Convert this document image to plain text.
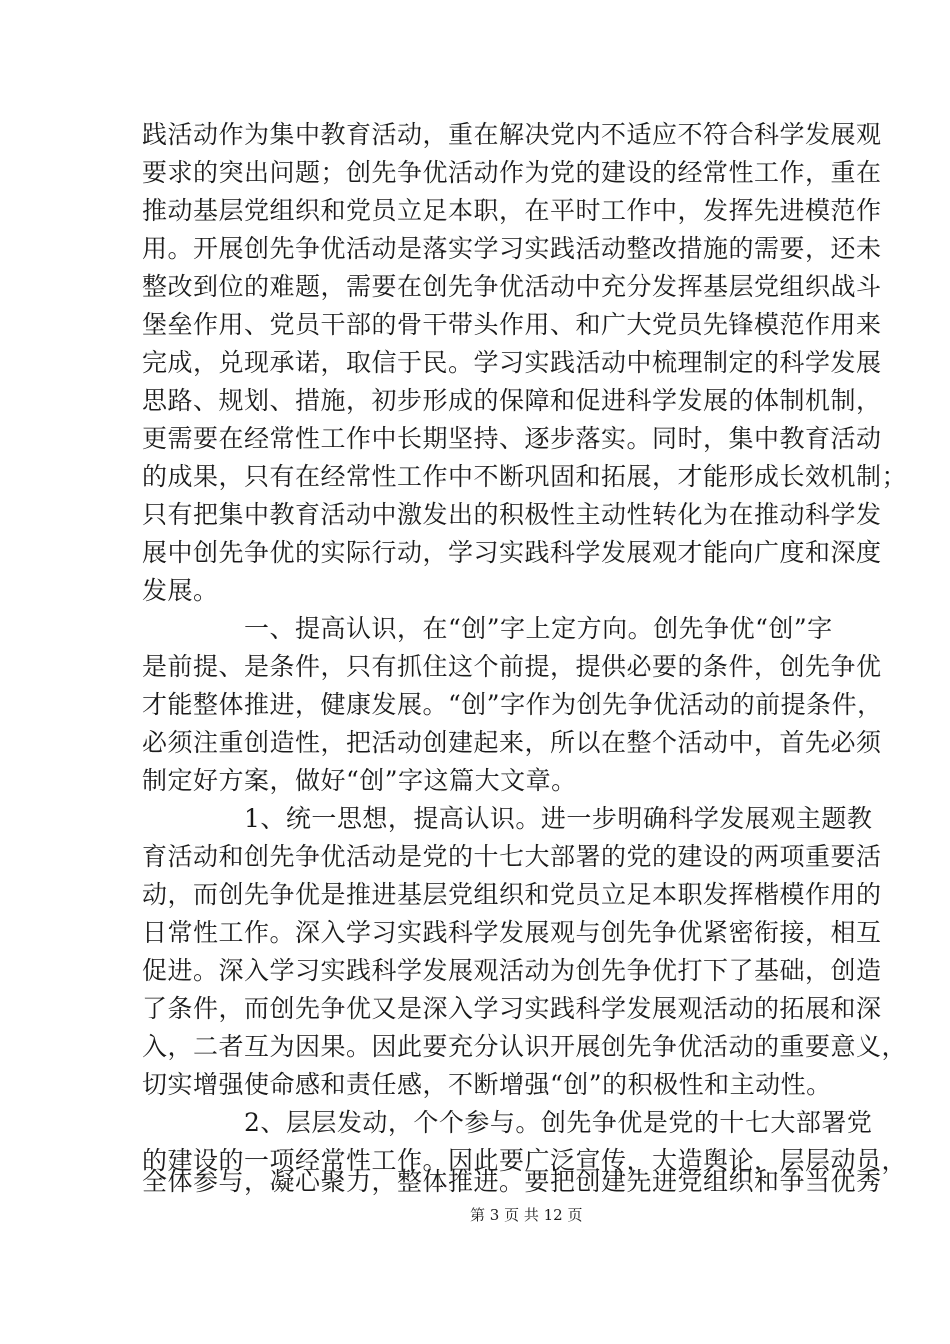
践活动作为集中教育活动，重在解决党内不适应不符合科学发展观
要求的突出问题；创先争优活动作为党的建设的经常性工作，重在
推动基层党组织和党员立足本职，在平时工作中，发挥先进模范作
用。开展创先争优活动是落实学习实践活动整改措施的需要，还未
整改到位的难题，需要在创先争优活动中充分发挥基层党组织战斗
堡垒作用、党员干部的骨干带头作用、和广大党员先锋模范作用来
完成，兑现承诺，取信于民。学习实践活动中梳理制定的科学发展
思路、规划、措施，初步形成的保障和促进科学发展的体制机制，
更需要在经常性工作中长期坚持、逐步落实。同时，集中教育活动
的成果，只有在经常性工作中不断巩固和拓展，才能形成长效机制；
只有把集中教育活动中激发出的积极性主动性转化为在推动科学发
展中创先争优的实际行动，学习实践科学发展观才能向广度和深度
发展。
一、提高认识，在“创”字上定方向。创先争优“创”字
是前提、是条件，只有抓住这个前提，提供必要的条件，创先争优
才能整体推进，健康发展。“创”字作为创先争优活动的前提条件，
必须注重创造性，把活动创建起来，所以在整个活动中，首先必须
制定好方案，做好“创”字这篇大文章。
1、统一思想，提高认识。进一步明确科学发展观主题教
育活动和创先争优活动是党的十七大部署的党的建设的两项重要活
动，而创先争优是推进基层党组织和党员立足本职发挥楷模作用的
日常性工作。深入学习实践科学发展观与创先争优紧密衔接，相互
促进。深入学习实践科学发展观活动为创先争优打下了基础，创造
了条件，而创先争优又是深入学习实践科学发展观活动的拓展和深
入，二者互为因果。因此要充分认识开展创先争优活动的重要意义，
切实增强使命感和责任感，不断增强“创”的积极性和主动性。
2、层层发动，个个参与。创先争优是党的十七大部署党
的建设的一项经常性工作。因此要广泛宣传，大造舆论，层层动员，
全体参与，凝心聚力，整体推进。要把创建先进党组织和争当优秀
第 3 页 共 12 页
